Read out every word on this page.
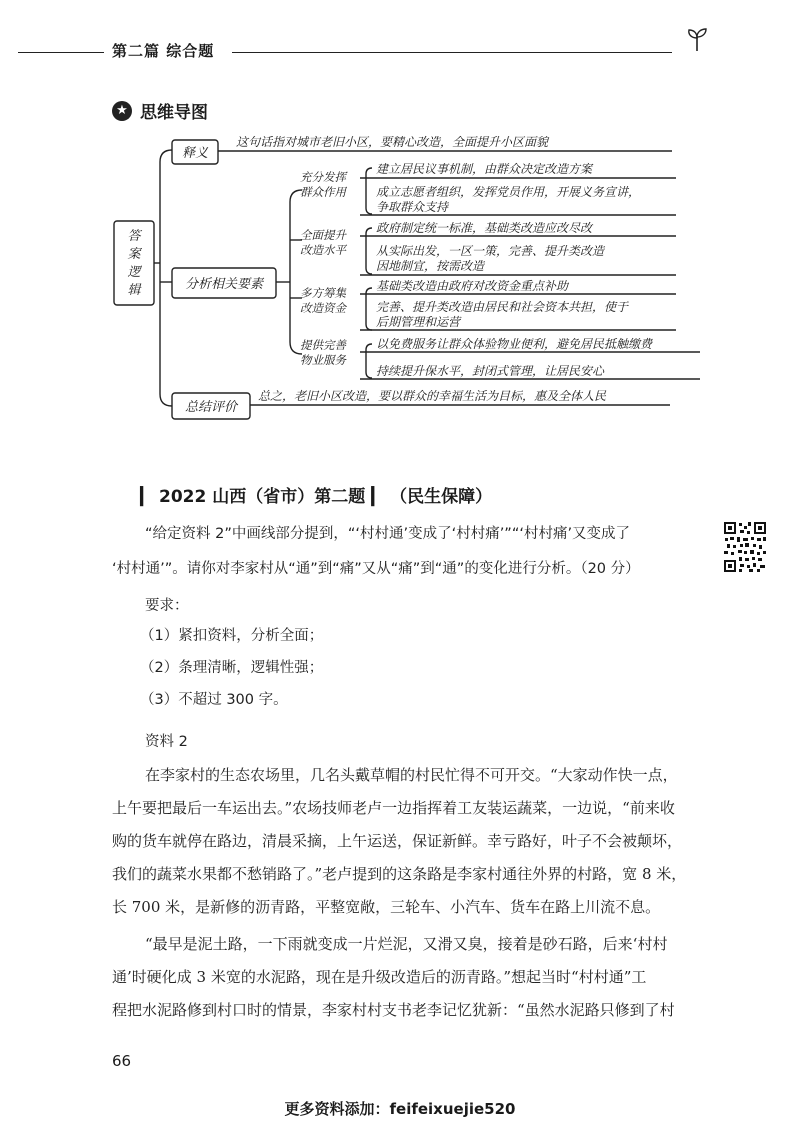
第二篇 综合题
★ 思维导图
答
案
逻
辑
释义
分析相关要素
总结评价
这句话指对城市老旧小区，要精心改造，全面提升小区面貌
总之，老旧小区改造，要以群众的幸福生活为目标，惠及全体人民
充分发挥
群众作用
全面提升
改造水平
多方筹集
改造资金
提供完善
物业服务
建立居民议事机制，由群众决定改造方案
成立志愿者组织，发挥党员作用，开展义务宣讲，
争取群众支持
政府制定统一标准，基础类改造应改尽改
从实际出发，一区一策，完善、提升类改造
因地制宜，按需改造
基础类改造由政府对改资金重点补助
完善、提升类改造由居民和社会资本共担，使于
后期管理和运营
以免费服务让群众体验物业便利，避免居民抵触缴费
持续提升保水平，封闭式管理，让居民安心
▎ 2022 山西（省市）第二题 ▎ （民生保障）
“给定资料 2”中画线部分提到，“‘村村通’变成了‘村村痛’”“‘村村痛’又变成了
‘村村通’”。请你对李家村从“通”到“痛”又从“痛”到“通”的变化进行分析。（20 分）
要求：
（1）紧扣资料，分析全面；
（2）条理清晰，逻辑性强；
（3）不超过 300 字。
资料 2
在李家村的生态农场里，几名头戴草帽的村民忙得不可开交。“大家动作快一点，
上午要把最后一车运出去。”农场技师老卢一边指挥着工友装运蔬菜，一边说，“前来收
购的货车就停在路边，清晨采摘，上午运送，保证新鲜。幸亏路好，叶子不会被颠坏，
我们的蔬菜水果都不愁销路了。”老卢提到的这条路是李家村通往外界的村路，宽 8 米，
长 700 米，是新修的沥青路，平整宽敞，三轮车、小汽车、货车在路上川流不息。
“最早是泥土路，一下雨就变成一片烂泥，又滑又臭，接着是砂石路，后来‘村村
通’时硬化成 3 米宽的水泥路，现在是升级改造后的沥青路。”想起当时“村村通”工
程把水泥路修到村口时的情景，李家村村支书老李记忆犹新：“虽然水泥路只修到了村
66
更多资料添加：feifeixuejie520
